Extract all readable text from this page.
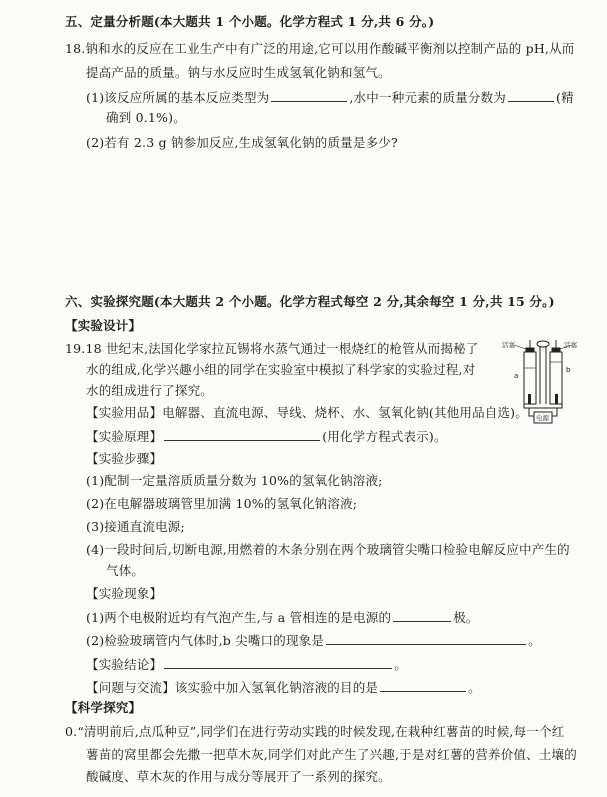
五、定量分析题(本大题共 1 个小题。化学方程式 1 分,共 6 分。)
18.钠和水的反应在工业生产中有广泛的用途,它可以用作酸碱平衡剂以控制产品的 pH,从而
提高产品的质量。钠与水反应时生成氢氧化钠和氢气。
(1)该反应所属的基本反应类型为	,水中一种元素的质量分数为	(精
确到 0.1%)。
(2)若有 2.3 g 钠参加反应,生成氢氧化钠的质量是多少?
六、实验探究题(本大题共 2 个小题。化学方程式每空 2 分,其余每空 1 分,共 15 分。)
【实验设计】
19.18 世纪末,法国化学家拉瓦锡将水蒸气通过一根烧红的枪管从而揭秘了
水的组成,化学兴趣小组的同学在实验室中模拟了科学家的实验过程,对
水的组成进行了探究。
【实验用品】电解器、直流电源、导线、烧杯、水、氢氧化钠(其他用品自选)。
【实验原理】	(用化学方程式表示)。
【实验步骤】
(1)配制一定量溶质质量分数为 10%的氢氧化钠溶液;
(2)在电解器玻璃管里加满 10%的氢氧化钠溶液;
(3)接通直流电源;
(4)一段时间后,切断电源,用燃着的木条分别在两个玻璃管尖嘴口检验电解反应中产生的
气体。
【实验现象】
(1)两个电极附近均有气泡产生,与 a 管相连的是电源的	极。
(2)检验玻璃管内气体时,b 尖嘴口的现象是	。
【实验结论】	。
【问题与交流】该实验中加入氢氧化钠溶液的目的是	。
【科学探究】
0.“清明前后,点瓜种豆”,同学们在进行劳动实践的时候发现,在栽种红薯苗的时候,每一个红
薯苗的窝里都会先撒一把草木灰,同学们对此产生了兴趣,于是对红薯的营养价值、土壤的
酸碱度、草木灰的作用与成分等展开了一系列的探究。
活塞	活塞
a
b
电源
